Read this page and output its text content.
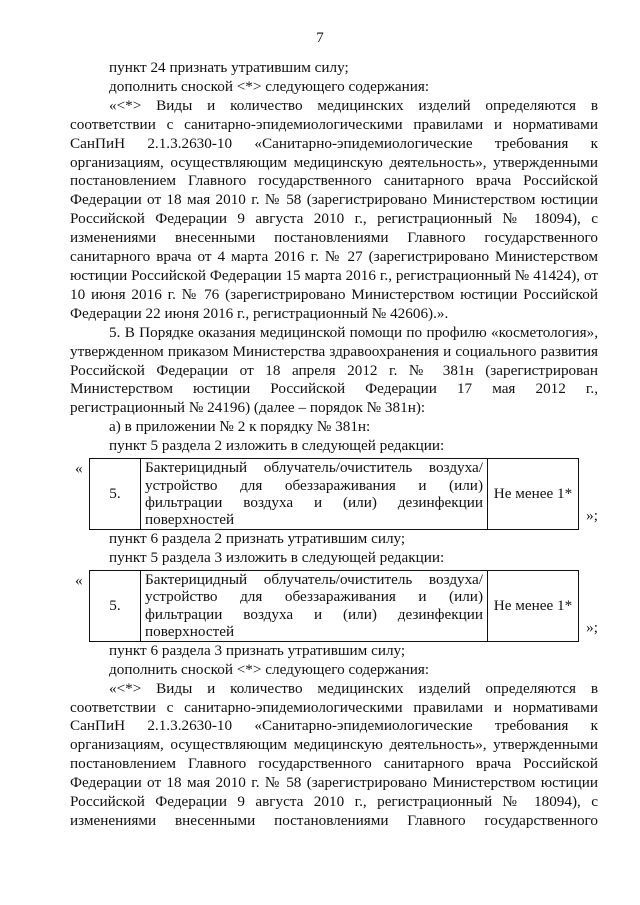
7

пункт 24 признать утратившим силу;

дополнить сноской <*> следующего содержания:

«<*> Виды и количество медицинских изделий определяются в соответствии с санитарно-эпидемиологическими правилами и нормативами СанПиН 2.1.3.2630-10 «Санитарно-эпидемиологические требования к организациям, осуществляющим медицинскую деятельность», утвержденными постановлением Главного государственного санитарного врача Российской Федерации от 18 мая 2010 г. № 58 (зарегистрировано Министерством юстиции Российской Федерации 9 августа 2010 г., регистрационный № 18094), с изменениями внесенными постановлениями Главного государственного санитарного врача от 4 марта 2016 г. № 27 (зарегистрировано Министерством юстиции Российской Федерации 15 марта 2016 г., регистрационный № 41424), от 10 июня 2016 г. № 76 (зарегистрировано Министерством юстиции Российской Федерации 22 июня 2016 г., регистрационный № 42606).».

5. В Порядке оказания медицинской помощи по профилю «косметология», утвержденном приказом Министерства здравоохранения и социального развития Российской Федерации от 18 апреля 2012 г. № 381н (зарегистрирован Министерством юстиции Российской Федерации 17 мая 2012 г., регистрационный № 24196) (далее – порядок № 381н):

а) в приложении № 2 к порядку № 381н:

пункт 5 раздела 2 изложить в следующей редакции:

«
5.	Бактерицидный облучатель/очиститель воздуха/устройство для обеззараживания и (или) фильтрации воздуха и (или) дезинфекции поверхностей	Не менее 1*
»;

пункт 6 раздела 2 признать утратившим силу;

пункт 5 раздела 3 изложить в следующей редакции:

«
5.	Бактерицидный облучатель/очиститель воздуха/устройство для обеззараживания и (или) фильтрации воздуха и (или) дезинфекции поверхностей	Не менее 1*
»;

пункт 6 раздела 3 признать утратившим силу;

дополнить сноской <*> следующего содержания:

«<*> Виды и количество медицинских изделий определяются в соответствии с санитарно-эпидемиологическими правилами и нормативами СанПиН 2.1.3.2630-10 «Санитарно-эпидемиологические требования к организациям, осуществляющим медицинскую деятельность», утвержденными постановлением Главного государственного санитарного врача Российской Федерации от 18 мая 2010 г. № 58 (зарегистрировано Министерством юстиции Российской Федерации 9 августа 2010 г., регистрационный № 18094), с изменениями внесенными постановлениями Главного государственного
